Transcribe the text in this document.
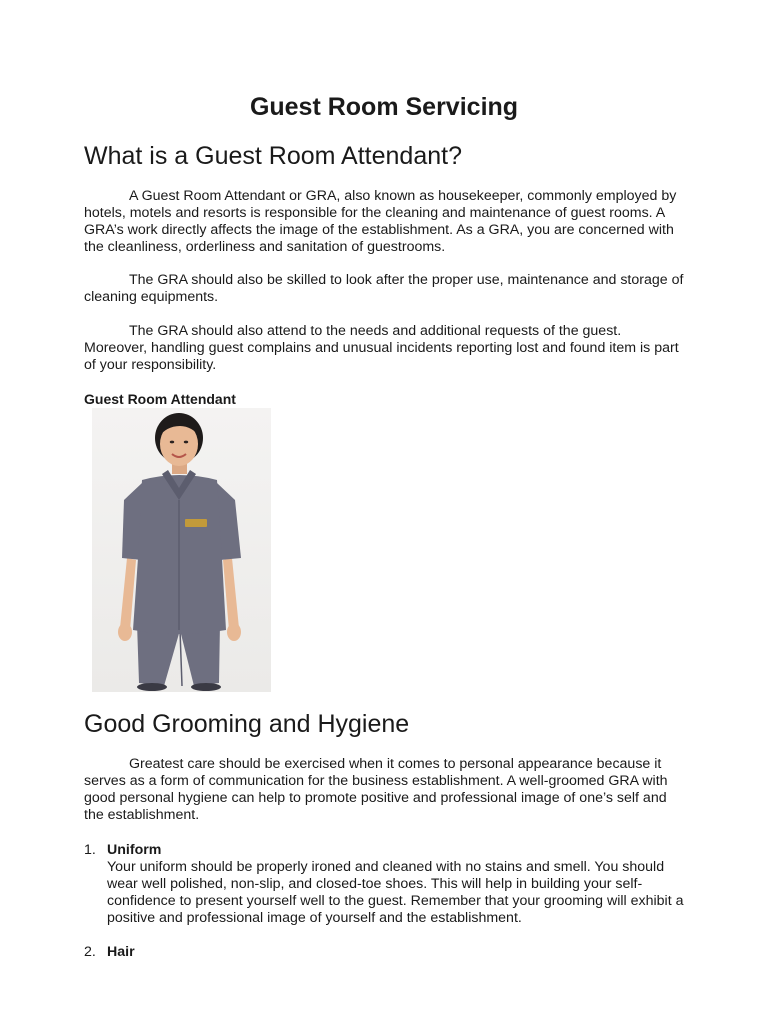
Guest Room Servicing
What is a Guest Room Attendant?

A Guest Room Attendant or GRA, also known as housekeeper, commonly employed by hotels, motels and resorts is responsible for the cleaning and maintenance of guest rooms. A GRA’s work directly affects the image of the establishment. As a GRA, you are concerned with the cleanliness, orderliness and sanitation of guestrooms.

The GRA should also be skilled to look after the proper use, maintenance and storage of cleaning equipments.

The GRA should also attend to the needs and additional requests of the guest. Moreover, handling guest complains and unusual incidents reporting lost and found item is part of your responsibility.

Guest Room Attendant
Good Grooming and Hygiene

Greatest care should be exercised when it comes to personal appearance because it serves as a form of communication for the business establishment. A well-groomed GRA with good personal hygiene can help to promote positive and professional image of one’s self and the establishment.

1. Uniform
Your uniform should be properly ironed and cleaned with no stains and smell. You should wear well polished, non-slip, and closed-toe shoes. This will help in building your self-confidence to present yourself well to the guest. Remember that your grooming will exhibit a positive and professional image of yourself and the establishment.
2. Hair
